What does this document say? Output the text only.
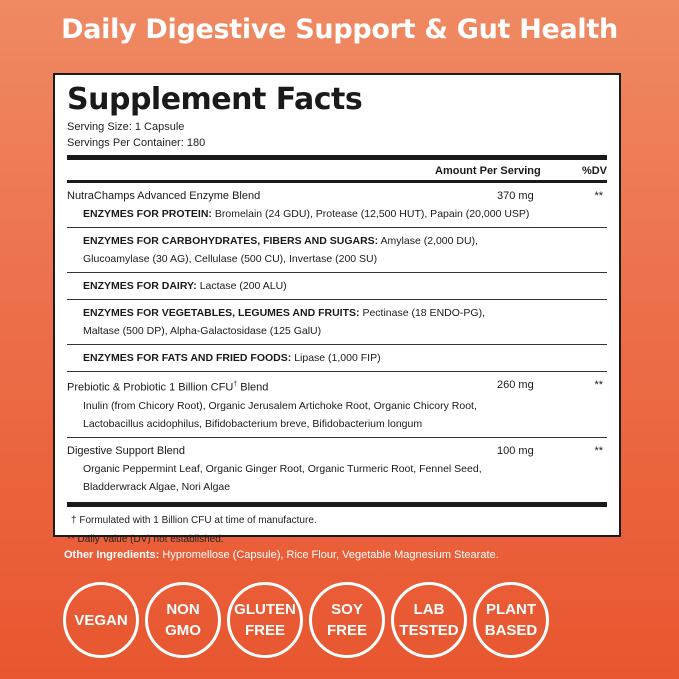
Daily Digestive Support & Gut Health
Supplement Facts
Serving Size: 1 Capsule
Servings Per Container: 180
Amount Per Serving	%DV
NutraChamps Advanced Enzyme Blend	370 mg	**
ENZYMES FOR PROTEIN: Bromelain (24 GDU), Protease (12,500 HUT), Papain (20,000 USP)
ENZYMES FOR CARBOHYDRATES, FIBERS AND SUGARS: Amylase (2,000 DU),
Glucoamylase (30 AG), Cellulase (500 CU), Invertase (200 SU)
ENZYMES FOR DAIRY: Lactase (200 ALU)
ENZYMES FOR VEGETABLES, LEGUMES AND FRUITS: Pectinase (18 ENDO-PG),
Maltase (500 DP), Alpha-Galactosidase (125 GalU)
ENZYMES FOR FATS AND FRIED FOODS: Lipase (1,000 FIP)
Prebiotic & Probiotic 1 Billion CFU† Blend	260 mg	**
Inulin (from Chicory Root), Organic Jerusalem Artichoke Root, Organic Chicory Root,
Lactobacillus acidophilus, Bifidobacterium breve, Bifidobacterium longum
Digestive Support Blend	100 mg	**
Organic Peppermint Leaf, Organic Ginger Root, Organic Turmeric Root, Fennel Seed,
Bladderwrack Algae, Nori Algae
† Formulated with 1 Billion CFU at time of manufacture.
** Daily Value (DV) not established.
Other Ingredients: Hypromellose (Capsule), Rice Flour, Vegetable Magnesium Stearate.
VEGAN
NON
GMO
GLUTEN
FREE
SOY
FREE
LAB
TESTED
PLANT
BASED
